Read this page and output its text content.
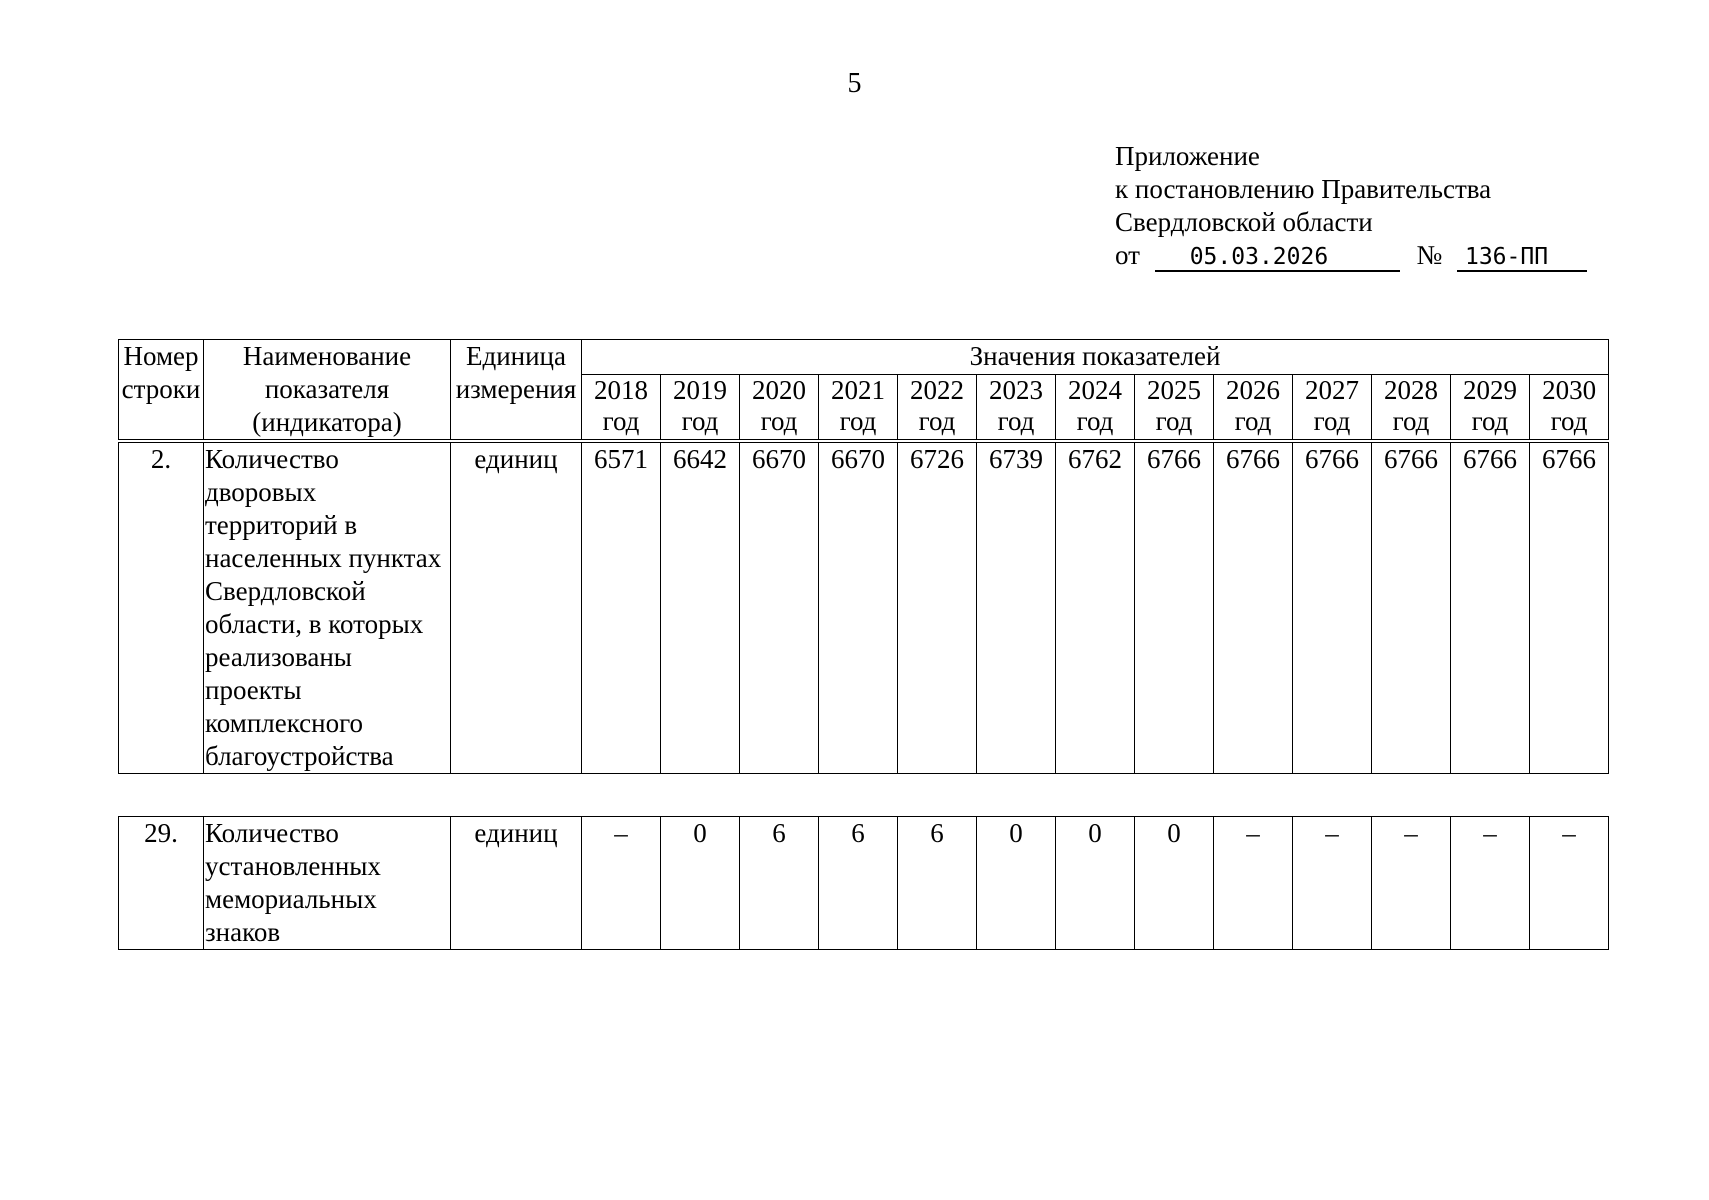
5
Приложение
к постановлению Правительства
Свердловской области
от 05.03.2026	№ 136-ПП
Номер строки	Наименование показателя (индикатора)	Единица измерения	Значения показателей												
			2018 год	2019 год	2020 год	2021 год	2022 год	2023 год	2024 год	2025 год	2026 год	2027 год	2028 год	2029 год	2030 год
2.	Количество дворовых территорий в населенных пунктах Свердловской области, в которых реализованы проекты комплексного благоустройства	единиц	6571	6642	6670	6670	6726	6739	6762	6766	6766	6766	6766	6766	6766
29.	Количество установленных мемориальных знаков	единиц	–	0	6	6	6	0	0	0	–	–	–	–	–
